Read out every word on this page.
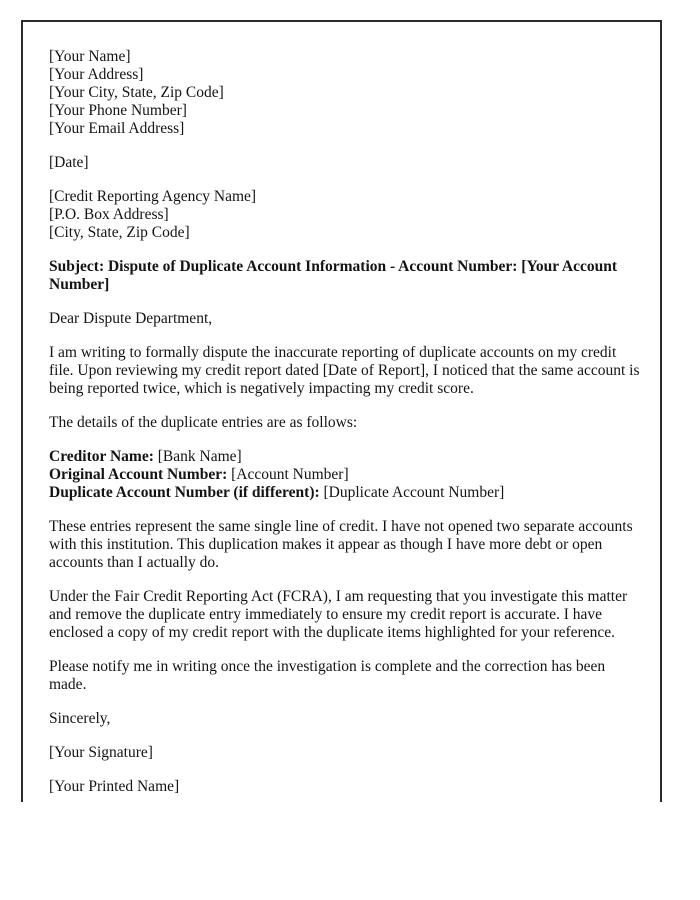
[Your Name]
[Your Address]
[Your City, State, Zip Code]
[Your Phone Number]
[Your Email Address]

[Date]

[Credit Reporting Agency Name]
[P.O. Box Address]
[City, State, Zip Code]

Subject: Dispute of Duplicate Account Information - Account Number: [Your Account Number]

Dear Dispute Department,

I am writing to formally dispute the inaccurate reporting of duplicate accounts on my credit file. Upon reviewing my credit report dated [Date of Report], I noticed that the same account is being reported twice, which is negatively impacting my credit score.

The details of the duplicate entries are as follows:

Creditor Name: [Bank Name]
Original Account Number: [Account Number]
Duplicate Account Number (if different): [Duplicate Account Number]

These entries represent the same single line of credit. I have not opened two separate accounts with this institution. This duplication makes it appear as though I have more debt or open accounts than I actually do.

Under the Fair Credit Reporting Act (FCRA), I am requesting that you investigate this matter and remove the duplicate entry immediately to ensure my credit report is accurate. I have enclosed a copy of my credit report with the duplicate items highlighted for your reference.

Please notify me in writing once the investigation is complete and the correction has been made.

Sincerely,

[Your Signature]

[Your Printed Name]
